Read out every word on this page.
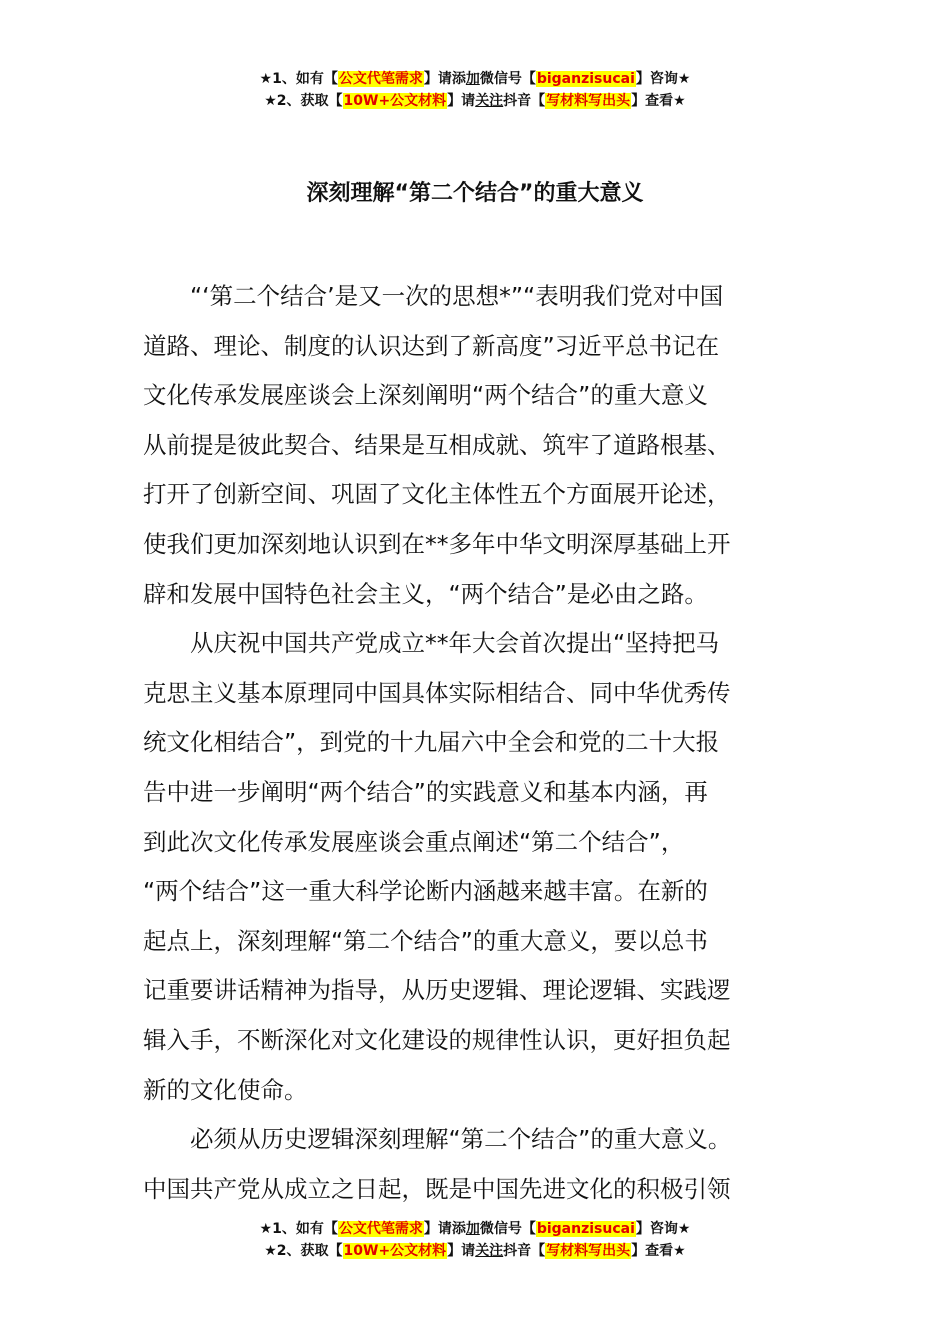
★1、如有【公文代笔需求】请添加微信号【biganzisucai】咨询★
★2、获取【10W+公文材料】请关注抖音【写材料写出头】查看★
深刻理解“第二个结合”的重大意义

“‘第二个结合’是又一次的思想*”“表明我们党对中国
道路、理论、制度的认识达到了新高度”习近平总书记在
文化传承发展座谈会上深刻阐明“两个结合”的重大意义
从前提是彼此契合、结果是互相成就、筑牢了道路根基、
打开了创新空间、巩固了文化主体性五个方面展开论述，
使我们更加深刻地认识到在**多年中华文明深厚基础上开
辟和发展中国特色社会主义，“两个结合”是必由之路。

从庆祝中国共产党成立**年大会首次提出“坚持把马
克思主义基本原理同中国具体实际相结合、同中华优秀传
统文化相结合”，到党的十九届六中全会和党的二十大报
告中进一步阐明“两个结合”的实践意义和基本内涵，再
到此次文化传承发展座谈会重点阐述“第二个结合”，
“两个结合”这一重大科学论断内涵越来越丰富。在新的
起点上，深刻理解“第二个结合”的重大意义，要以总书
记重要讲话精神为指导，从历史逻辑、理论逻辑、实践逻
辑入手，不断深化对文化建设的规律性认识，更好担负起
新的文化使命。

必须从历史逻辑深刻理解“第二个结合”的重大意义。
中国共产党从成立之日起，既是中国先进文化的积极引领

★1、如有【公文代笔需求】请添加微信号【biganzisucai】咨询★
★2、获取【10W+公文材料】请关注抖音【写材料写出头】查看★
